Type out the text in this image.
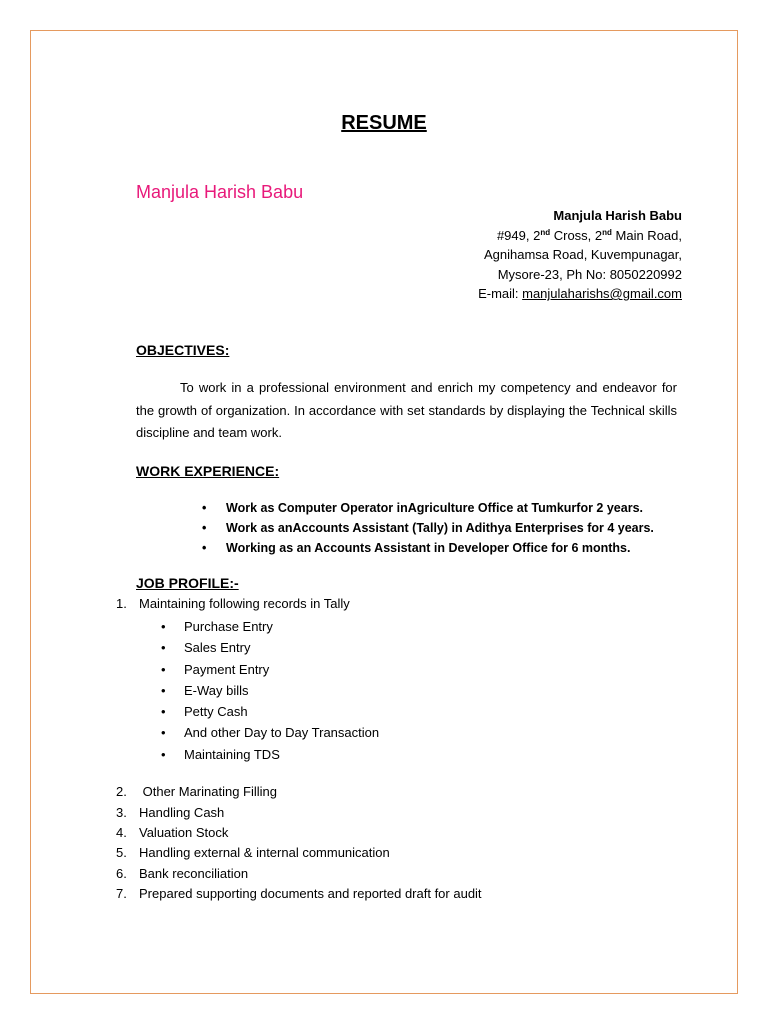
RESUME
Manjula Harish Babu
Manjula Harish Babu
#949, 2nd Cross, 2nd Main Road,
Agnihamsa Road, Kuvempunagar,
Mysore-23, Ph No: 8050220992
E-mail: manjulaharishs@gmail.com
OBJECTIVES:

To work in a professional environment and enrich my competency and endeavor for the growth of organization. In accordance with set standards by displaying the Technical skills discipline and team work.

WORK EXPERIENCE:
• Work as Computer Operator inAgriculture Office at Tumkurfor 2 years.
• Work as anAccounts Assistant (Tally) in Adithya Enterprises for 4 years.
• Working as an Accounts Assistant in Developer Office for 6 months.
JOB PROFILE:-
1. Maintaining following records in Tally
• Purchase Entry
• Sales Entry
• Payment Entry
• E-Way bills
• Petty Cash
• And other Day to Day Transaction
• Maintaining TDS
2. Other Marinating Filling
3. Handling Cash
4. Valuation Stock
5. Handling external & internal communication
6. Bank reconciliation
7. Prepared supporting documents and reported draft for audit
